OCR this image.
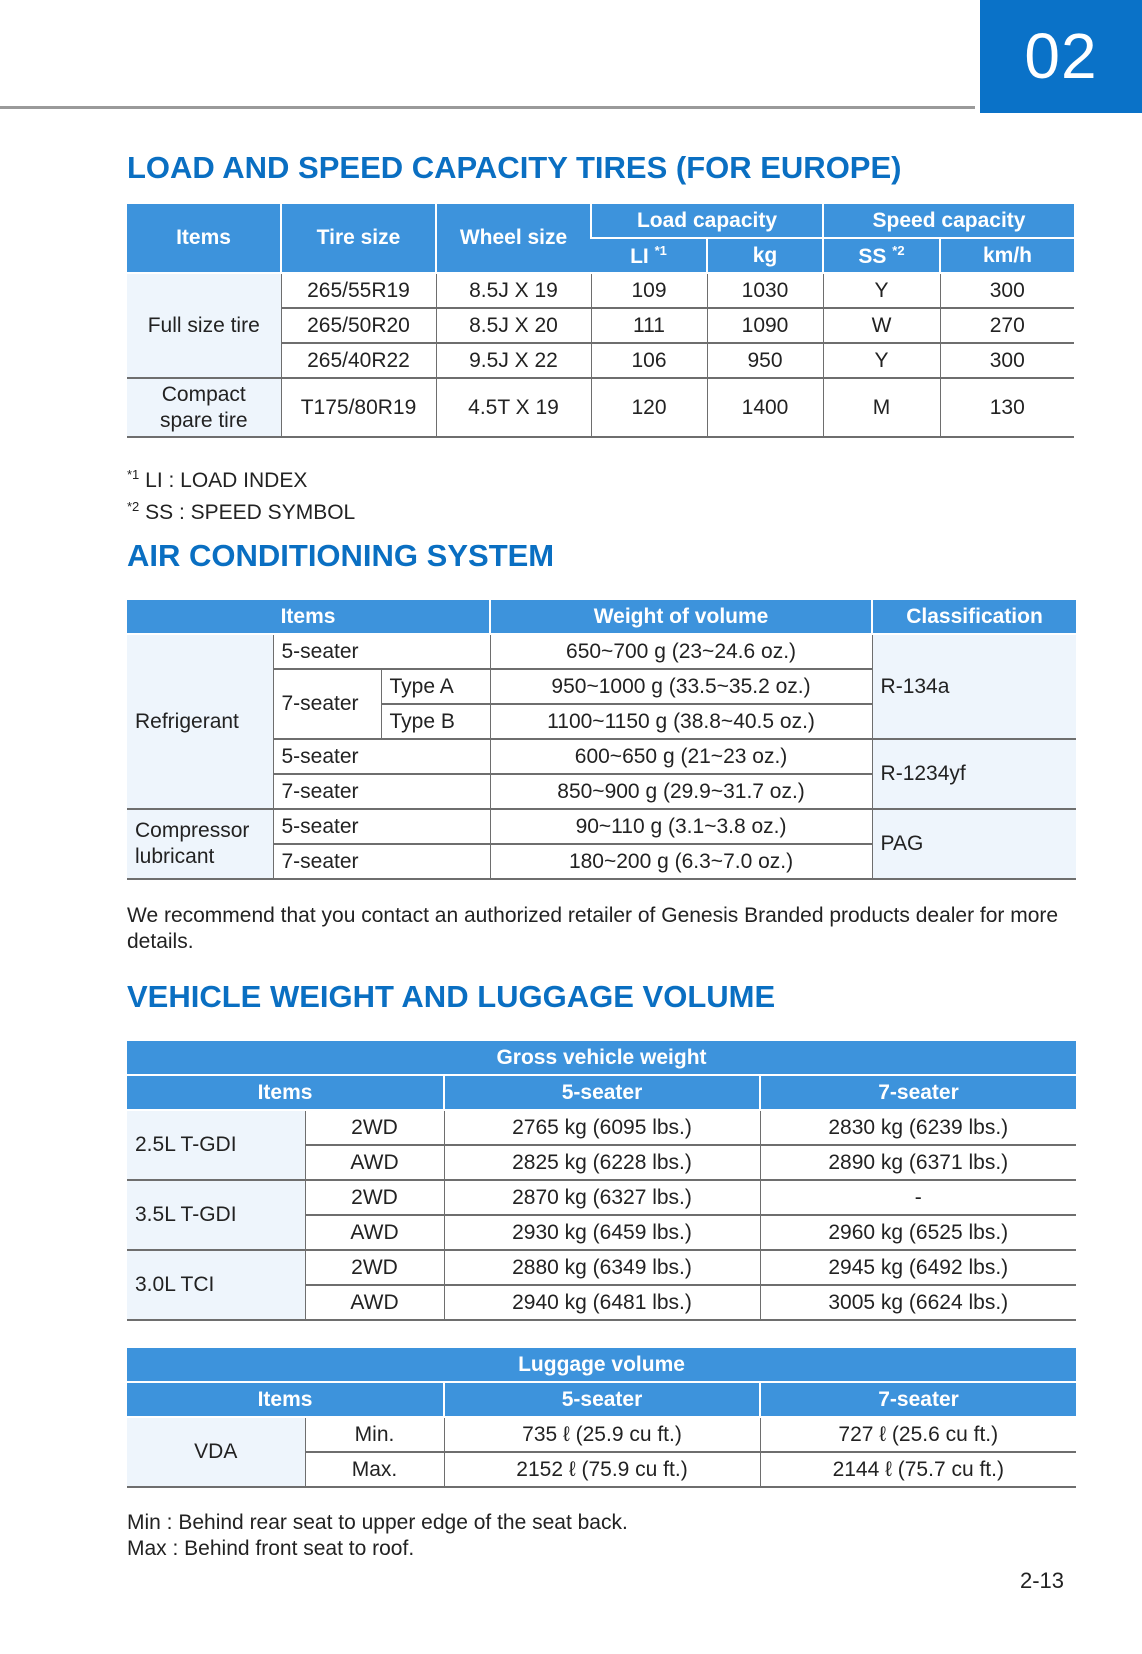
02
LOAD AND SPEED CAPACITY TIRES (FOR EUROPE)
Items	Tire size	Wheel size	Load capacity		Speed capacity	
			LI $^{*1}$	kg	SS $^{*2}$	km/h
Full size tire	265/55R19	8.5J X 19	109	1030	Y	300
	265/50R20	8.5J X 20	111	1090	W	270
	265/40R22	9.5J X 22	106	950	Y	300
Compact
spare tire	T175/80R19	4.5T X 19	120	1400	M	130
$^{*1}$ LI : LOAD INDEX
$^{*2}$ SS : SPEED SYMBOL
AIR CONDITIONING SYSTEM
Items			Weight of volume	Classification
Refrigerant	5-seater		650~700 g (23~24.6 oz.)	R-134a
	7-seater	Type A	950~1000 g (33.5~35.2 oz.)	
		Type B	1100~1150 g (38.8~40.5 oz.)	
	5-seater		600~650 g (21~23 oz.)	R-1234yf
	7-seater		850~900 g (29.9~31.7 oz.)	
Compressor
lubricant	5-seater		90~110 g (3.1~3.8 oz.)	PAG
	7-seater		180~200 g (6.3~7.0 oz.)	
We recommend that you contact an authorized retailer of Genesis Branded products dealer for more details.
VEHICLE WEIGHT AND LUGGAGE VOLUME
Gross vehicle weight			
Items		5-seater	7-seater
2.5L T-GDI	2WD	2765 kg (6095 lbs.)	2830 kg (6239 lbs.)
	AWD	2825 kg (6228 lbs.)	2890 kg (6371 lbs.)
3.5L T-GDI	2WD	2870 kg (6327 lbs.)	-
	AWD	2930 kg (6459 lbs.)	2960 kg (6525 lbs.)
3.0L TCI	2WD	2880 kg (6349 lbs.)	2945 kg (6492 lbs.)
	AWD	2940 kg (6481 lbs.)	3005 kg (6624 lbs.)
Luggage volume			
Items		5-seater	7-seater
VDA	Min.	735 ℓ (25.9 cu ft.)	727 ℓ (25.6 cu ft.)
	Max.	2152 ℓ (75.9 cu ft.)	2144 ℓ (75.7 cu ft.)
Min : Behind rear seat to upper edge of the seat back.
Max : Behind front seat to roof.
2-13
